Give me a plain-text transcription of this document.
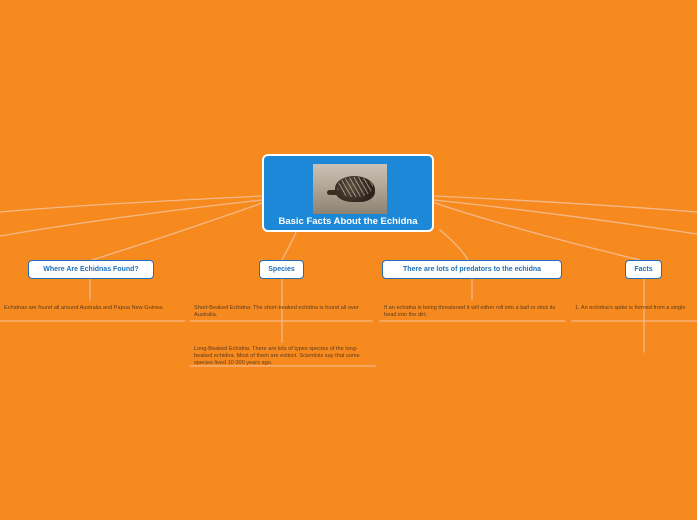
Basic Facts About the Echidna
Where Are Echidnas Found?	Species	There are lots of predators to the echidna	Facts
Echidnas are found all around Australia and Papua New Guinea.	Short-Beaked Echidna: The short-beaked echidna is found all over Australia.
Long-Beaked Echidna: There are lots of types species of the long-beaked echidna. Most of them are extinct. Scientists say that some species lived 10 000 years ago.
If an echidna is being threatened it will either roll into a ball or stick its head into the dirt.
1. An echidna's spike is formed from a single
